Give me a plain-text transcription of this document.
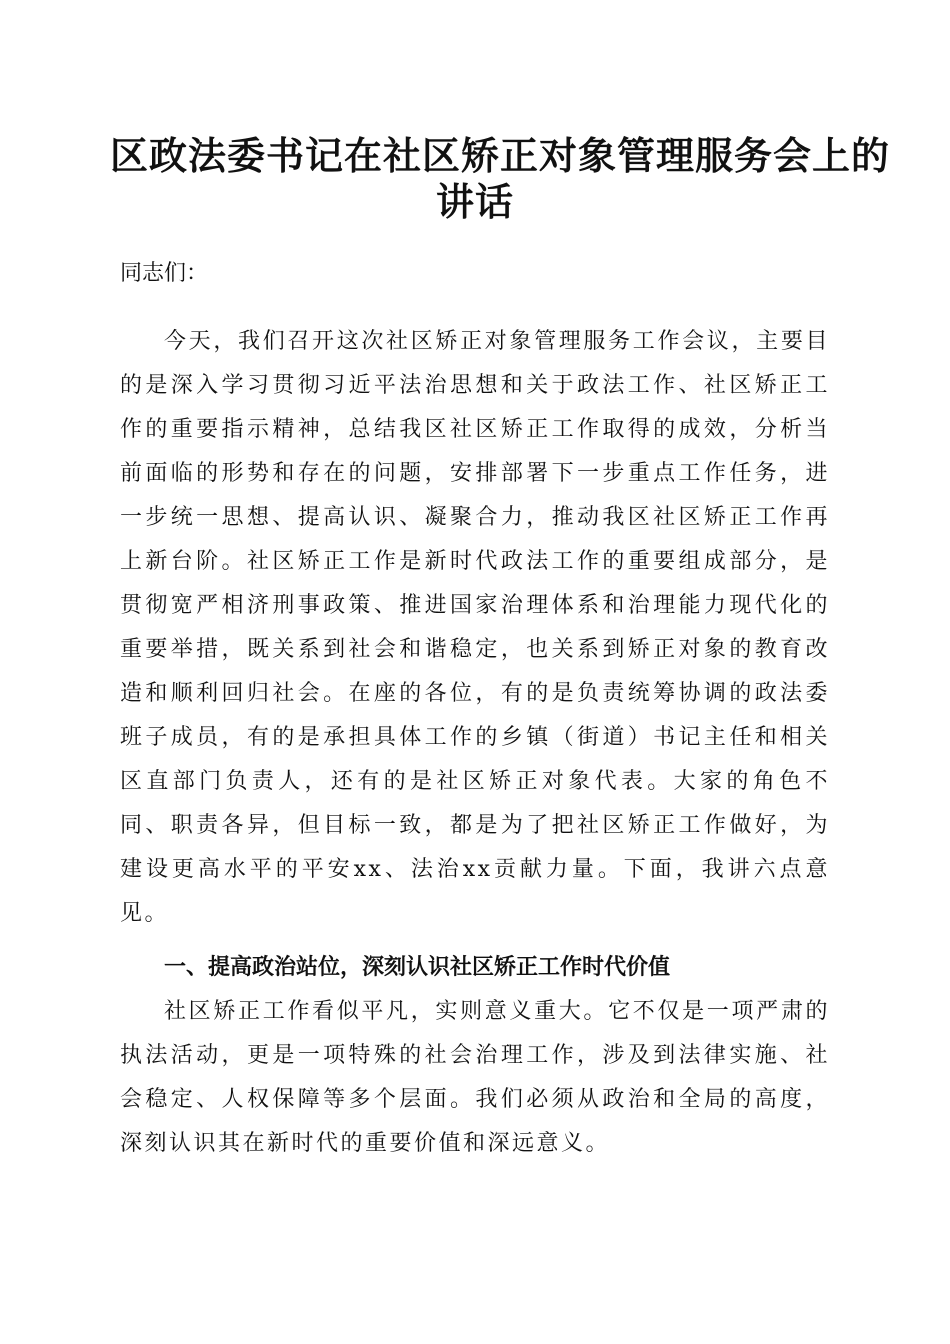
区政法委书记在社区矫正对象管理服务会上的
讲话

同志们：

今天，我们召开这次社区矫正对象管理服务工作会议，主要目的是深入学习贯彻习近平法治思想和关于政法工作、社区矫正工作的重要指示精神，总结我区社区矫正工作取得的成效，分析当前面临的形势和存在的问题，安排部署下一步重点工作任务，进一步统一思想、提高认识、凝聚合力，推动我区社区矫正工作再上新台阶。社区矫正工作是新时代政法工作的重要组成部分，是贯彻宽严相济刑事政策、推进国家治理体系和治理能力现代化的重要举措，既关系到社会和谐稳定，也关系到矫正对象的教育改造和顺利回归社会。在座的各位，有的是负责统筹协调的政法委班子成员，有的是承担具体工作的乡镇（街道）书记主任和相关区直部门负责人，还有的是社区矫正对象代表。大家的角色不同、职责各异，但目标一致，都是为了把社区矫正工作做好，为建设更高水平的平安xx、法治xx贡献力量。下面，我讲六点意见。

一、提高政治站位，深刻认识社区矫正工作时代价值

社区矫正工作看似平凡，实则意义重大。它不仅是一项严肃的执法活动，更是一项特殊的社会治理工作，涉及到法律实施、社会稳定、人权保障等多个层面。我们必须从政治和全局的高度，深刻认识其在新时代的重要价值和深远意义。
